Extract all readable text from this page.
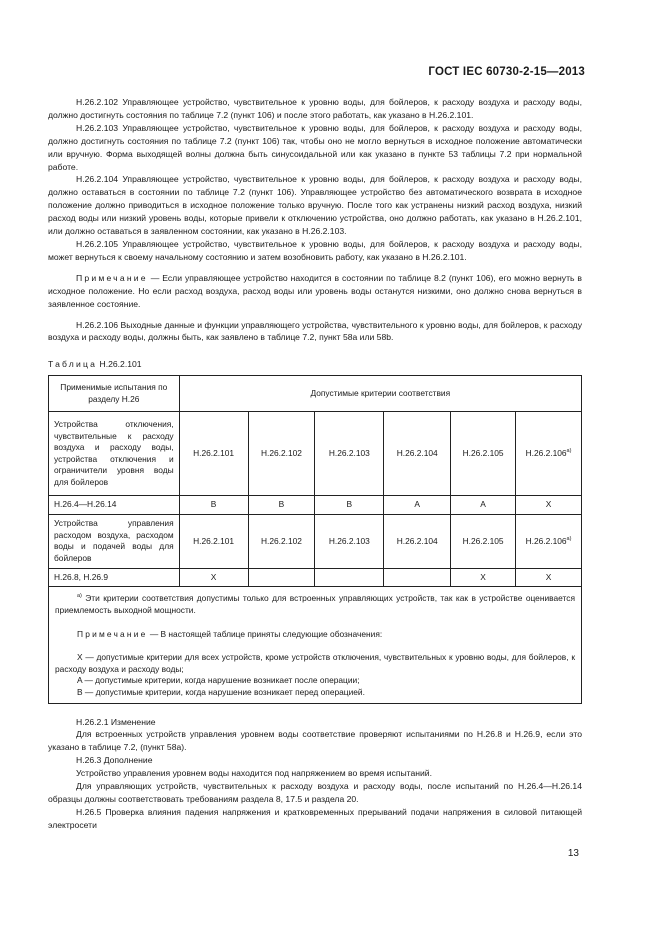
ГОСТ IEC 60730-2-15—2013

H.26.2.102 Управляющее устройство, чувствительное к уровню воды, для бойлеров, к расходу воздуха и расходу воды, должно достигнуть состояния по таблице 7.2 (пункт 106) и после этого работать, как указано в H.26.2.101.

H.26.2.103 Управляющее устройство, чувствительное к уровню воды, для бойлеров, к расходу воздуха и расходу воды, должно достигнуть состояния по таблице 7.2 (пункт 106) так, чтобы оно не могло вернуться в исходное положение автоматически или вручную. Форма выходящей волны должна быть синусоидальной или как указано в пункте 53 таблицы 7.2 при нормальной работе.

H.26.2.104 Управляющее устройство, чувствительное к уровню воды, для бойлеров, к расходу воздуха и расходу воды, должно оставаться в состоянии по таблице 7.2 (пункт 106). Управляющее устройство без автоматического возврата в исходное положение должно приводиться в исходное положение только вручную. После того как устранены низкий расход воздуха, низкий расход воды или низкий уровень воды, которые привели к отключению устройства, оно должно работать, как указано в H.26.2.101, или должно оставаться в заявленном состоянии, как указано в H.26.2.103.

H.26.2.105 Управляющее устройство, чувствительное к уровню воды, для бойлеров, к расходу воздуха и расходу воды, может вернуться к своему начальному состоянию и затем возобновить работу, как указано в H.26.2.101.

Примечание — Если управляющее устройство находится в состоянии по таблице 8.2 (пункт 106), его можно вернуть в исходное положение. Но если расход воздуха, расход воды или уровень воды останутся низкими, оно должно снова вернуться в заявленное состояние.

H.26.2.106 Выходные данные и функции управляющего устройства, чувствительного к уровню воды, для бойлеров, к расходу воздуха и расходу воды, должны быть, как заявлено в таблице 7.2, пункт 58а или 58b.

Таблица H.26.2.101
Применимые испытания по разделу H.26	Допустимые критерии соответствия					
Устройства отключения, чувствительные к расходу воздуха и расходу воды, устройства отключения и ограничители уровня воды для бойлеров	H.26.2.101	H.26.2.102	H.26.2.103	H.26.2.104	H.26.2.105	$H.26.2.106^{а)}$
H.26.4—H.26.14	B	B	B	A	A	X
Устройства управления расходом воздуха, расходом воды и подачей воды для бойлеров	H.26.2.101	H.26.2.102	H.26.2.103	H.26.2.104	H.26.2.105	$H.26.2.106^{а)}$
H.26.8, H.26.9	X				X	X

$^{а)}$ Эти критерии соответствия допустимы только для встроенных управляющих устройств, так как в устройстве оценивается приемлемость выходной мощности.

Примечание — В настоящей таблице приняты следующие обозначения:

X — допустимые критерии для всех устройств, кроме устройств отключения, чувствительных к уровню воды, для бойлеров, к расходу воздуха и расходу воды;

A — допустимые критерии, когда нарушение возникает после операции;

B — допустимые критерии, когда нарушение возникает перед операцией.						

H.26.2.1 Изменение

Для встроенных устройств управления уровнем воды соответствие проверяют испытаниями по H.26.8 и H.26.9, если это указано в таблице 7.2, (пункт 58а).

H.26.3 Дополнение

Устройство управления уровнем воды находится под напряжением во время испытаний.

Для управляющих устройств, чувствительных к расходу воздуха и расходу воды, после испытаний по H.26.4—H.26.14 образцы должны соответствовать требованиям раздела 8, 17.5 и раздела 20.

H.26.5 Проверка влияния падения напряжения и кратковременных прерываний подачи напряжения в силовой питающей электросети

13
